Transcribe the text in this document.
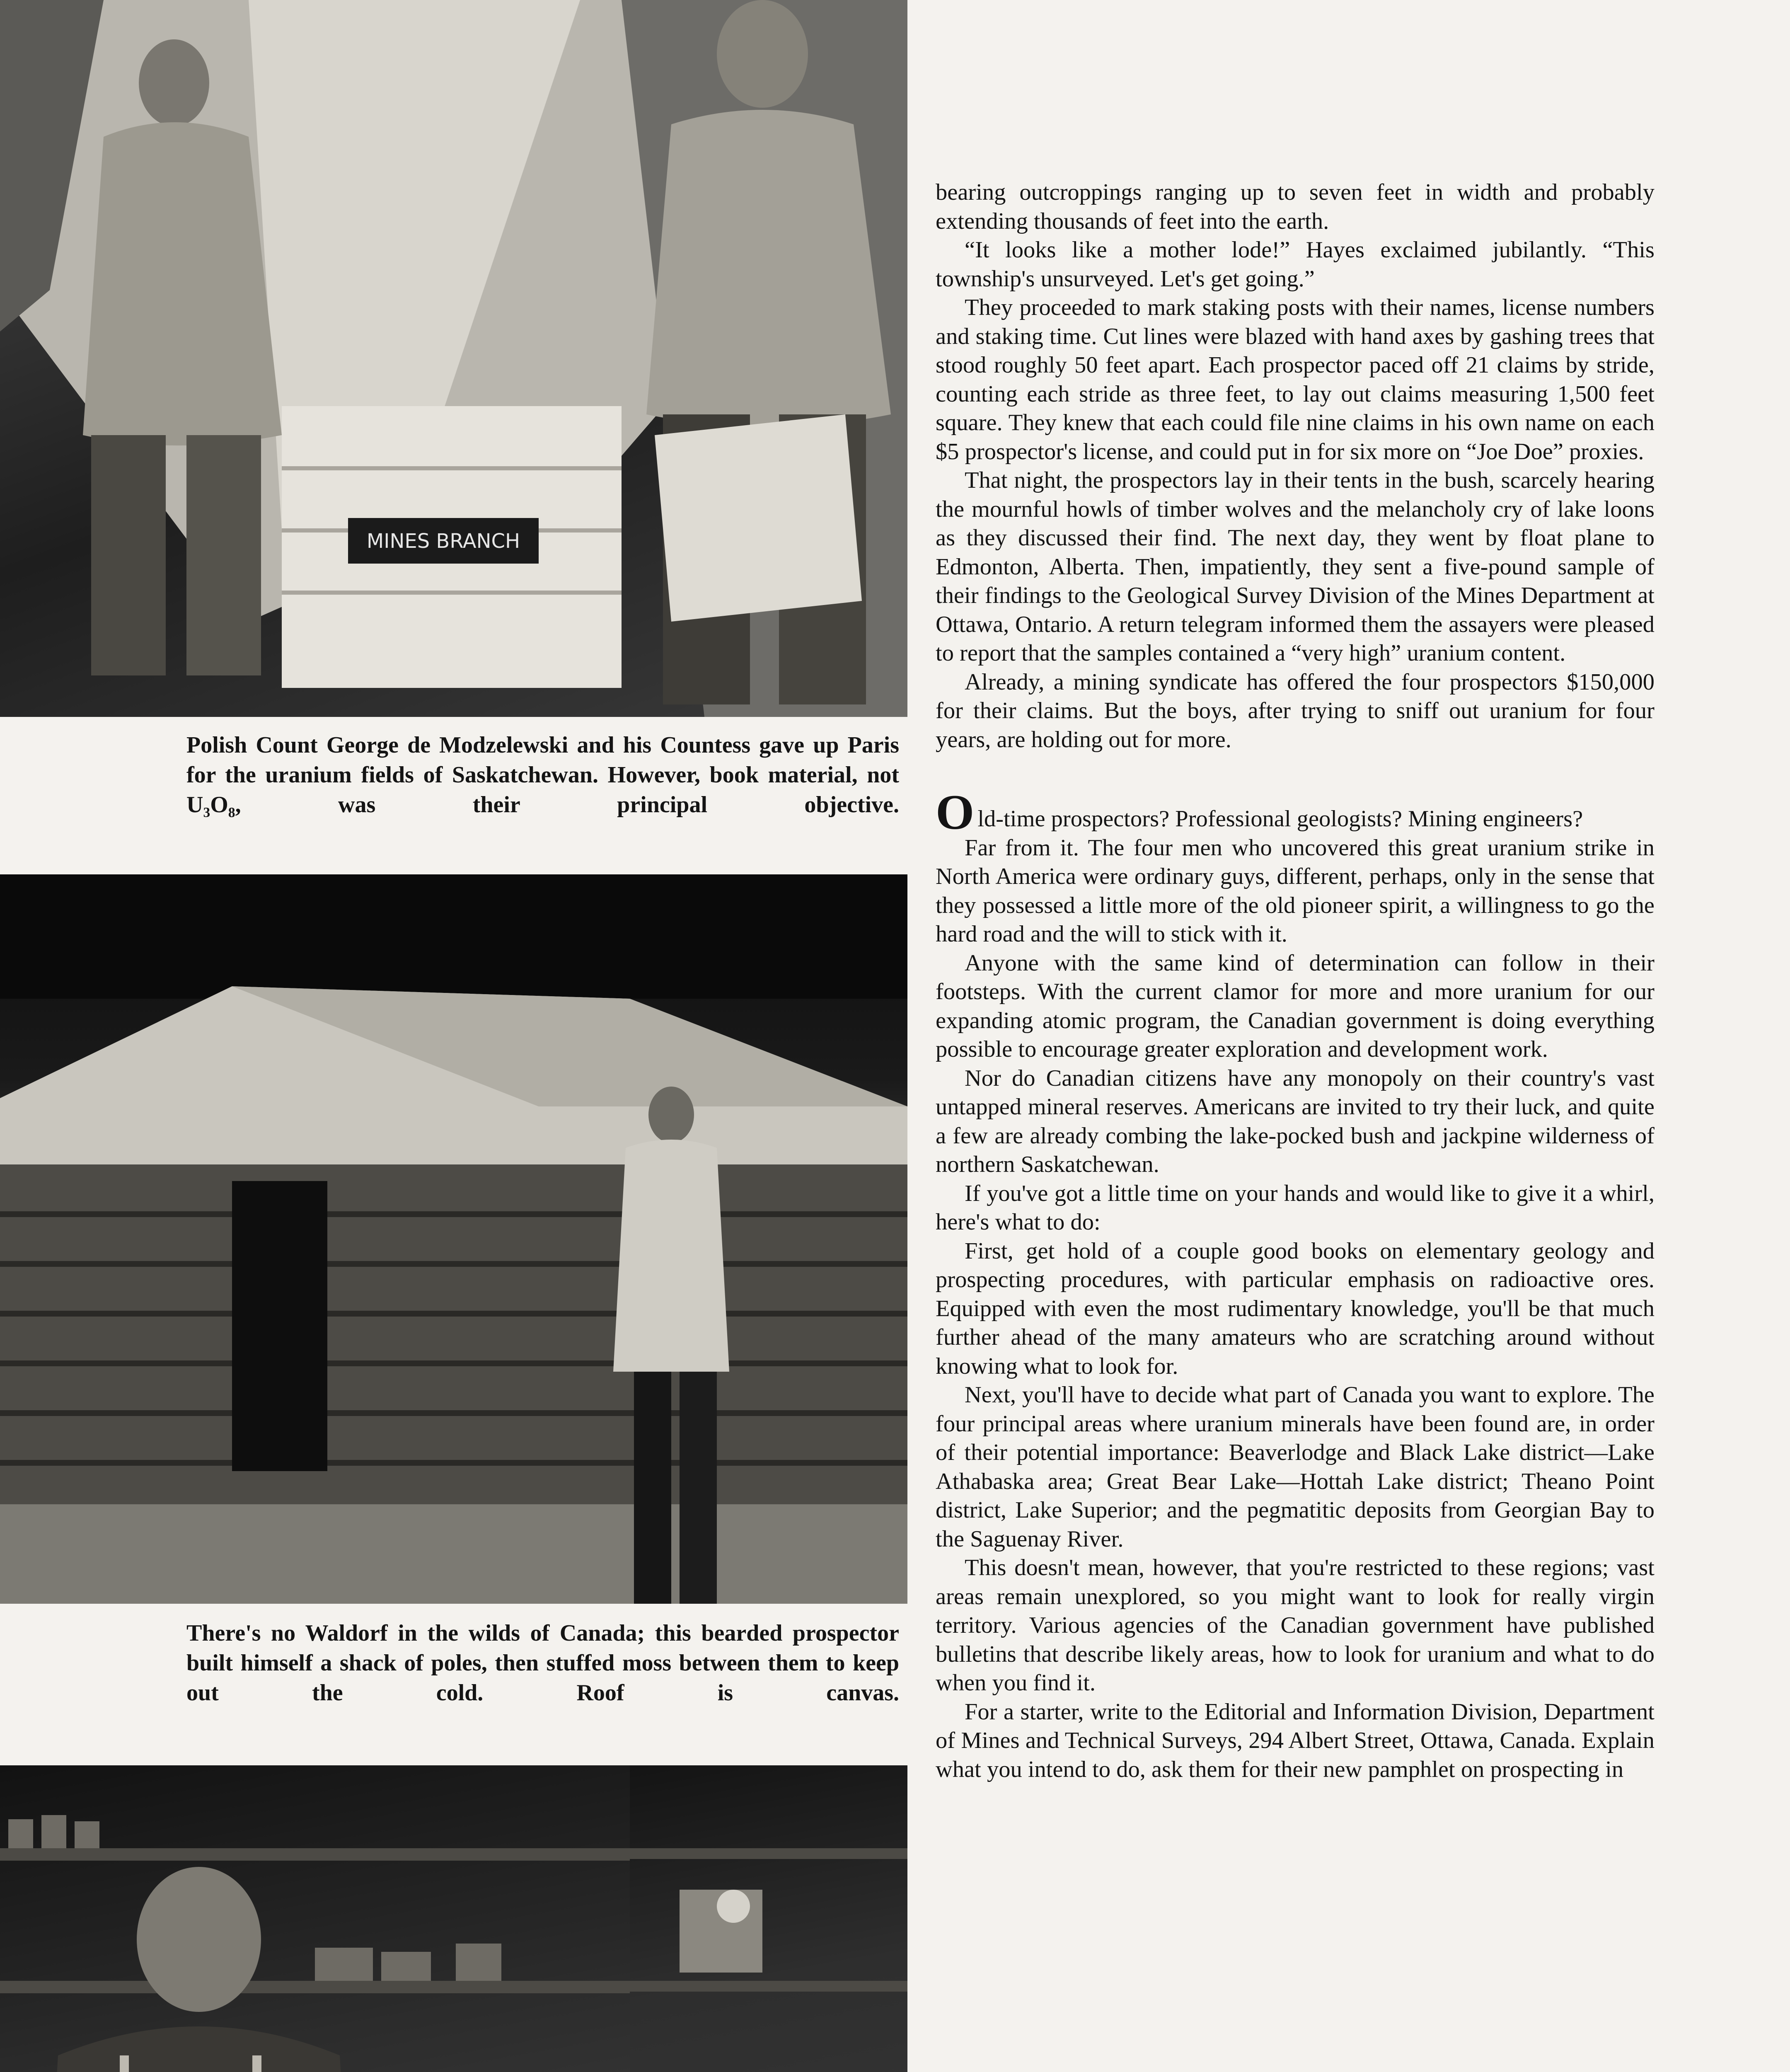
MINES BRANCH

Polish Count George de Modzelewski and his Countess gave up Paris for the uranium fields of Saskatchewan. However, book material, not U₃O₈, was their principal objective.

There's no Waldorf in the wilds of Canada; this bearded prospector built himself a shack of poles, then stuffed moss between them to keep out the cold. Roof is canvas.

bearing outcroppings ranging up to seven feet in width and probably extending thousands of feet into the earth.

“It looks like a mother lode!” Hayes exclaimed jubilantly. “This township's unsurveyed. Let's get going.”

They proceeded to mark staking posts with their names, license numbers and staking time. Cut lines were blazed with hand axes by gashing trees that stood roughly 50 feet apart. Each prospector paced off 21 claims by stride, counting each stride as three feet, to lay out claims measuring 1,500 feet square. They knew that each could file nine claims in his own name on each $5 prospector's license, and could put in for six more on “Joe Doe” proxies.

That night, the prospectors lay in their tents in the bush, scarcely hearing the mournful howls of timber wolves and the melancholy cry of lake loons as they discussed their find. The next day, they went by float plane to Edmonton, Alberta. Then, impatiently, they sent a five-pound sample of their findings to the Geological Survey Division of the Mines Department at Ottawa, Ontario. A return telegram informed them the assayers were pleased to report that the samples contained a “very high” uranium content.

Already, a mining syndicate has offered the four prospectors $150,000 for their claims. But the boys, after trying to sniff out uranium for four years, are holding out for more.

Old-time prospectors? Professional geologists? Mining engineers?

Far from it. The four men who uncovered this great uranium strike in North America were ordinary guys, different, perhaps, only in the sense that they possessed a little more of the old pioneer spirit, a willingness to go the hard road and the will to stick with it.

Anyone with the same kind of determination can follow in their footsteps. With the current clamor for more and more uranium for our expanding atomic program, the Canadian government is doing everything possible to encourage greater exploration and development work.

Nor do Canadian citizens have any monopoly on their country's vast untapped mineral reserves. Americans are invited to try their luck, and quite a few are already combing the lake-pocked bush and jackpine wilderness of northern Saskatchewan.

If you've got a little time on your hands and would like to give it a whirl, here's what to do:

First, get hold of a couple good books on elementary geology and prospecting procedures, with particular emphasis on radioactive ores. Equipped with even the most rudimentary knowledge, you'll be that much further ahead of the many amateurs who are scratching around without knowing what to look for.

Next, you'll have to decide what part of Canada you want to explore. The four principal areas where uranium minerals have been found are, in order of their potential importance: Beaverlodge and Black Lake district—Lake Athabaska area; Great Bear Lake—Hottah Lake district; Theano Point district, Lake Superior; and the pegmatitic deposits from Georgian Bay to the Saguenay River.

This doesn't mean, however, that you're restricted to these regions; vast areas remain unexplored, so you might want to look for really virgin territory. Various agencies of the Canadian government have published bulletins that describe likely areas, how to look for uranium and what to do when you find it.

For a starter, write to the Editorial and Information Division, Department of Mines and Technical Surveys, 294 Albert Street, Ottawa, Canada. Explain what you intend to do, ask them for their new pamphlet on prospecting in
